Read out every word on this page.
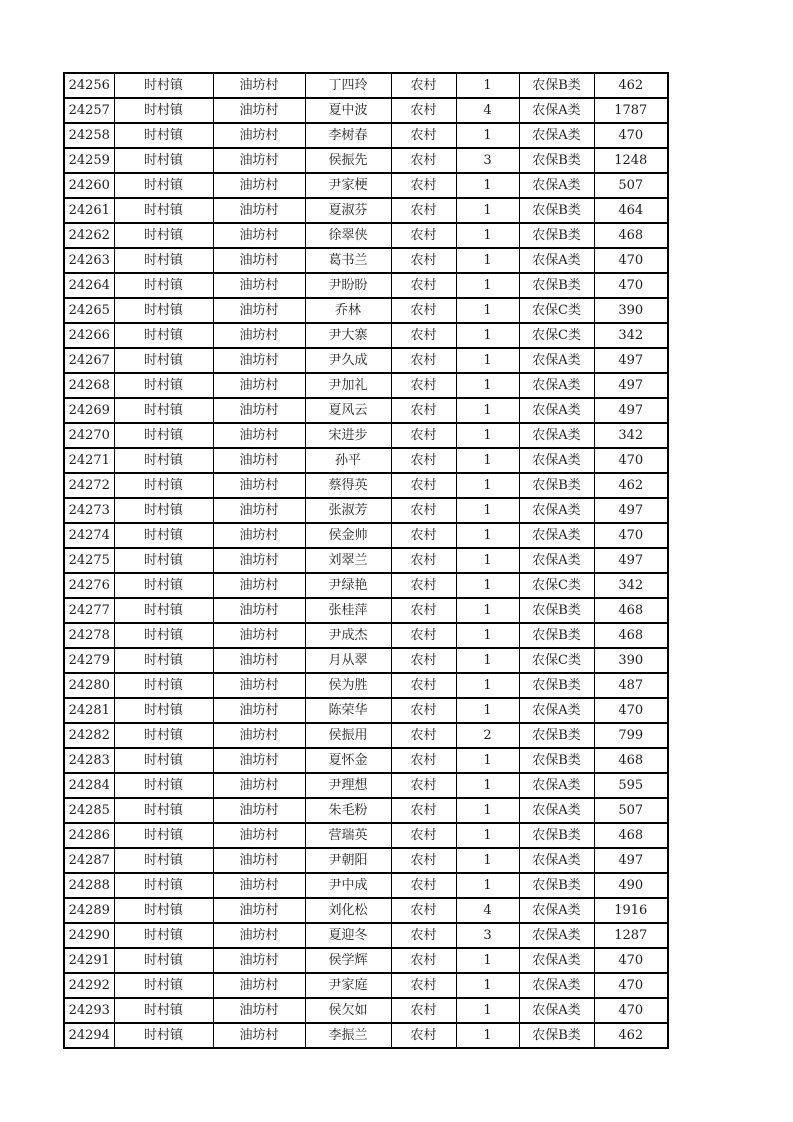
24256	时村镇	油坊村	丁四玲	农村	1	农保B类	462
24257	时村镇	油坊村	夏中波	农村	4	农保A类	1787
24258	时村镇	油坊村	李树春	农村	1	农保A类	470
24259	时村镇	油坊村	侯振先	农村	3	农保B类	1248
24260	时村镇	油坊村	尹家梗	农村	1	农保A类	507
24261	时村镇	油坊村	夏淑芬	农村	1	农保B类	464
24262	时村镇	油坊村	徐翠侠	农村	1	农保B类	468
24263	时村镇	油坊村	葛书兰	农村	1	农保A类	470
24264	时村镇	油坊村	尹盼盼	农村	1	农保B类	470
24265	时村镇	油坊村	乔林	农村	1	农保C类	390
24266	时村镇	油坊村	尹大寨	农村	1	农保C类	342
24267	时村镇	油坊村	尹久成	农村	1	农保A类	497
24268	时村镇	油坊村	尹加礼	农村	1	农保A类	497
24269	时村镇	油坊村	夏风云	农村	1	农保A类	497
24270	时村镇	油坊村	宋进步	农村	1	农保A类	342
24271	时村镇	油坊村	孙平	农村	1	农保A类	470
24272	时村镇	油坊村	蔡得英	农村	1	农保B类	462
24273	时村镇	油坊村	张淑芳	农村	1	农保A类	497
24274	时村镇	油坊村	侯金帅	农村	1	农保A类	470
24275	时村镇	油坊村	刘翠兰	农村	1	农保A类	497
24276	时村镇	油坊村	尹绿艳	农村	1	农保C类	342
24277	时村镇	油坊村	张桂萍	农村	1	农保B类	468
24278	时村镇	油坊村	尹成杰	农村	1	农保B类	468
24279	时村镇	油坊村	月从翠	农村	1	农保C类	390
24280	时村镇	油坊村	侯为胜	农村	1	农保B类	487
24281	时村镇	油坊村	陈荣华	农村	1	农保A类	470
24282	时村镇	油坊村	侯振用	农村	2	农保B类	799
24283	时村镇	油坊村	夏怀金	农村	1	农保B类	468
24284	时村镇	油坊村	尹理想	农村	1	农保A类	595
24285	时村镇	油坊村	朱毛粉	农村	1	农保A类	507
24286	时村镇	油坊村	营瑞英	农村	1	农保B类	468
24287	时村镇	油坊村	尹朝阳	农村	1	农保A类	497
24288	时村镇	油坊村	尹中成	农村	1	农保B类	490
24289	时村镇	油坊村	刘化松	农村	4	农保A类	1916
24290	时村镇	油坊村	夏迎冬	农村	3	农保A类	1287
24291	时村镇	油坊村	侯学辉	农村	1	农保A类	470
24292	时村镇	油坊村	尹家庭	农村	1	农保A类	470
24293	时村镇	油坊村	侯欠如	农村	1	农保A类	470
24294	时村镇	油坊村	李振兰	农村	1	农保B类	462
